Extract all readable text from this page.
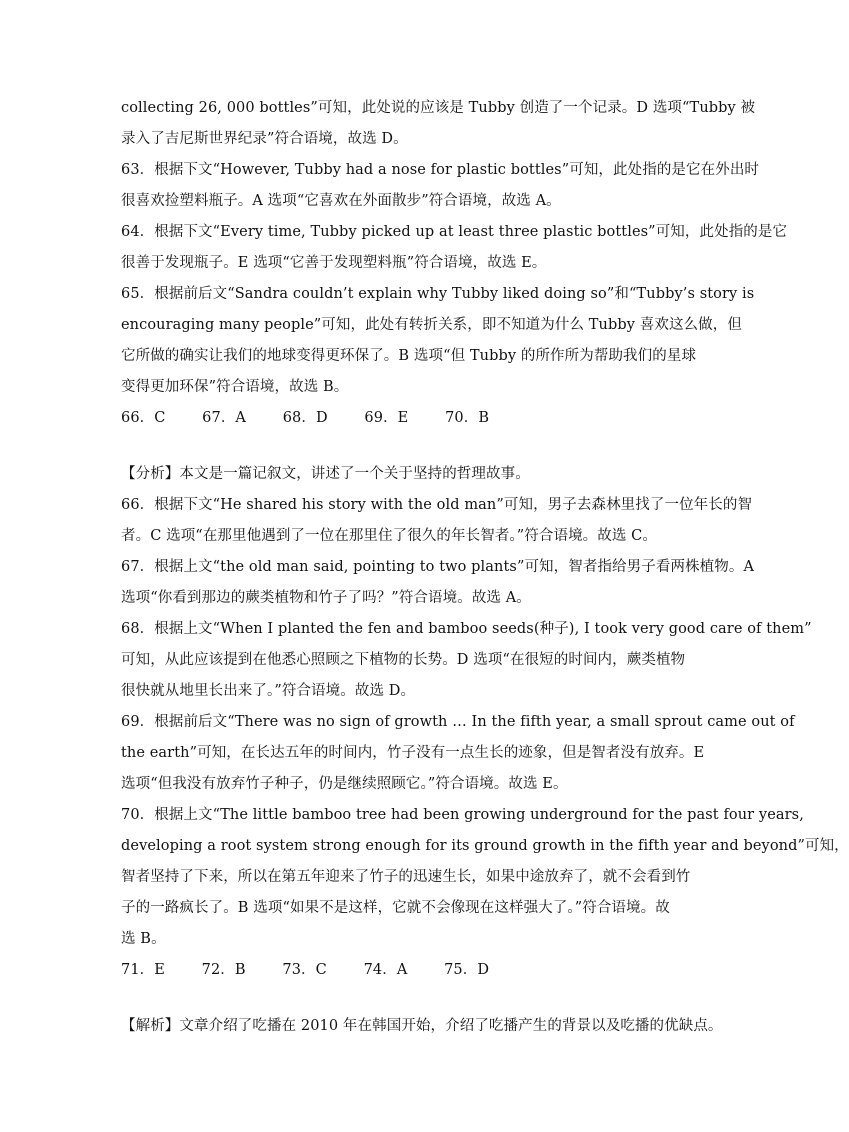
collecting 26, 000 bottles”可知，此处说的应该是 Tubby 创造了一个记录。D 选项“Tubby 被
录入了吉尼斯世界纪录”符合语境，故选 D。
63．根据下文“However, Tubby had a nose for plastic bottles”可知，此处指的是它在外出时
很喜欢捡塑料瓶子。A 选项“它喜欢在外面散步”符合语境，故选 A。
64．根据下文“Every time, Tubby picked up at least three plastic bottles”可知，此处指的是它
很善于发现瓶子。E 选项“它善于发现塑料瓶”符合语境，故选 E。
65．根据前后文“Sandra couldn’t explain why Tubby liked doing so”和“Tubby’s story is
encouraging many people”可知，此处有转折关系，即不知道为什么 Tubby 喜欢这么做，但
它所做的确实让我们的地球变得更环保了。B 选项“但 Tubby 的所作所为帮助我们的星球
变得更加环保”符合语境，故选 B。
66．C	67．A	68．D	69．E	70．B
【分析】本文是一篇记叙文，讲述了一个关于坚持的哲理故事。
66．根据下文“He shared his story with the old man”可知，男子去森林里找了一位年长的智
者。C 选项“在那里他遇到了一位在那里住了很久的年长智者。”符合语境。故选 C。
67．根据上文“the old man said, pointing to two plants”可知，智者指给男子看两株植物。A
选项“你看到那边的蕨类植物和竹子了吗？”符合语境。故选 A。
68．根据上文“When I planted the fen and bamboo seeds(种子), I took very good care of them”
可知，从此应该提到在他悉心照顾之下植物的长势。D 选项“在很短的时间内，蕨类植物
很快就从地里长出来了。”符合语境。故选 D。
69．根据前后文“There was no sign of growth … In the fifth year, a small sprout came out of
the earth”可知，在长达五年的时间内，竹子没有一点生长的迹象，但是智者没有放弃。E
选项“但我没有放弃竹子种子，仍是继续照顾它。”符合语境。故选 E。
70．根据上文“The little bamboo tree had been growing underground for the past four years,
developing a root system strong enough for its ground growth in the fifth year and beyond”可知，
智者坚持了下来，所以在第五年迎来了竹子的迅速生长，如果中途放弃了，就不会看到竹
子的一路疯长了。B 选项“如果不是这样，它就不会像现在这样强大了。”符合语境。故
选 B。
71．E	72．B	73．C	74．A	75．D
【解析】文章介绍了吃播在 2010 年在韩国开始，介绍了吃播产生的背景以及吃播的优缺点。
